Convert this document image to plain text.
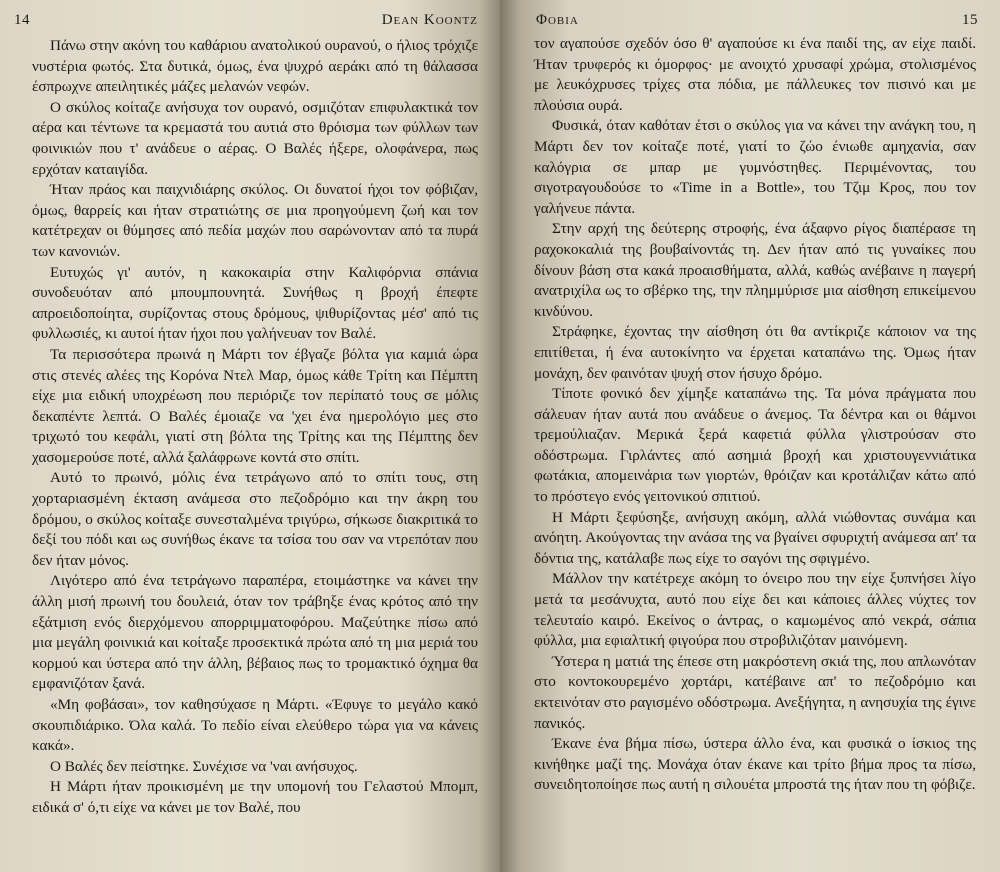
14	Dean Koontz

Πάνω στην ακόνη του καθάριου ανατολικού ουρανού, ο ήλιος τρόχιζε νυστέρια φωτός. Στα δυτικά, όμως, ένα ψυχρό αεράκι από τη θάλασσα έσπρωχνε απειλητικές μάζες μελανών νεφών.

Ο σκύλος κοίταζε ανήσυχα τον ουρανό, οσμιζόταν επιφυλακτικά τον αέρα και τέντωνε τα κρεμαστά του αυτιά στο θρόισμα των φύλλων των φοινικιών που τ' ανάδευε ο αέρας. Ο Βαλές ήξερε, ολοφάνερα, πως ερχόταν καταιγίδα.

Ήταν πράος και παιχνιδιάρης σκύλος. Οι δυνατοί ήχοι τον φόβιζαν, όμως, θαρρείς και ήταν στρατιώτης σε μια προηγούμενη ζωή και τον κατέτρεχαν οι θύμησες από πεδία μαχών που σαρώνονταν από τα πυρά των κανονιών.

Ευτυχώς γι' αυτόν, η κακοκαιρία στην Καλιφόρνια σπάνια συνοδευόταν από μπουμπουνητά. Συνήθως η βροχή έπεφτε απροειδοποίητα, συρίζοντας στους δρόμους, ψιθυρίζοντας μέσ' από τις φυλλωσιές, κι αυτοί ήταν ήχοι που γαλήνευαν τον Βαλέ.

Τα περισσότερα πρωινά η Μάρτι τον έβγαζε βόλτα για καμιά ώρα στις στενές αλέες της Κορόνα Ντελ Μαρ, όμως κάθε Τρίτη και Πέμπτη είχε μια ειδική υποχρέωση που περιόριζε τον περίπατό τους σε μόλις δεκαπέντε λεπτά. Ο Βαλές έμοιαζε να 'χει ένα ημερολόγιο μες στο τριχωτό του κεφάλι, γιατί στη βόλτα της Τρίτης και της Πέμπτης δεν χασομερούσε ποτέ, αλλά ξαλάφρωνε κοντά στο σπίτι.

Αυτό το πρωινό, μόλις ένα τετράγωνο από το σπίτι τους, στη χορταριασμένη έκταση ανάμεσα στο πεζοδρόμιο και την άκρη του δρόμου, ο σκύλος κοίταξε συνεσταλμένα τριγύρω, σήκωσε διακριτικά το δεξί του πόδι και ως συνήθως έκανε τα τσίσα του σαν να ντρεπόταν που δεν ήταν μόνος.

Λιγότερο από ένα τετράγωνο παραπέρα, ετοιμάστηκε να κάνει την άλλη μισή πρωινή του δουλειά, όταν τον τράβηξε ένας κρότος από την εξάτμιση ενός διερχόμενου απορριμματοφόρου. Μαζεύτηκε πίσω από μια μεγάλη φοινικιά και κοίταξε προσεκτικά πρώτα από τη μια μεριά του κορμού και ύστερα από την άλλη, βέβαιος πως το τρομακτικό όχημα θα εμφανιζόταν ξανά.

«Μη φοβάσαι», τον καθησύχασε η Μάρτι. «Έφυγε το μεγάλο κακό σκουπιδιάρικο. Όλα καλά. Το πεδίο είναι ελεύθερο τώρα για να κάνεις κακά».

Ο Βαλές δεν πείστηκε. Συνέχισε να 'ναι ανήσυχος.

Η Μάρτι ήταν προικισμένη με την υπομονή του Γελαστού Μπομπ, ειδικά σ' ό,τι είχε να κάνει με τον Βαλέ, που

Φοβια	15

τον αγαπούσε σχεδόν όσο θ' αγαπούσε κι ένα παιδί της, αν είχε παιδί. Ήταν τρυφερός κι όμορφος· με ανοιχτό χρυσαφί χρώμα, στολισμένος με λευκόχρυσες τρίχες στα πόδια, με πάλλευκες τον πισινό και με πλούσια ουρά.

Φυσικά, όταν καθόταν έτσι ο σκύλος για να κάνει την ανάγκη του, η Μάρτι δεν τον κοίταζε ποτέ, γιατί το ζώο ένιωθε αμηχανία, σαν καλόγρια σε μπαρ με γυμνόστηθες. Περιμένοντας, του σιγοτραγουδούσε το «Time in a Bottle», του Τζιμ Κρος, που τον γαλήνευε πάντα.

Στην αρχή της δεύτερης στροφής, ένα άξαφνο ρίγος διαπέρασε τη ραχοκοκαλιά της βουβαίνοντάς τη. Δεν ήταν από τις γυναίκες που δίνουν βάση στα κακά προαισθήματα, αλλά, καθώς ανέβαινε η παγερή ανατριχίλα ως το σβέρκο της, την πλημμύρισε μια αίσθηση επικείμενου κινδύνου.

Στράφηκε, έχοντας την αίσθηση ότι θα αντίκριζε κάποιον να της επιτίθεται, ή ένα αυτοκίνητο να έρχεται καταπάνω της. Όμως ήταν μονάχη, δεν φαινόταν ψυχή στον ήσυχο δρόμο.

Τίποτε φονικό δεν χίμηξε καταπάνω της. Τα μόνα πράγματα που σάλευαν ήταν αυτά που ανάδευε ο άνεμος. Τα δέντρα και οι θάμνοι τρεμούλιαζαν. Μερικά ξερά καφετιά φύλλα γλιστρούσαν στο οδόστρωμα. Γιρλάντες από ασημιά βροχή και χριστουγεννιάτικα φωτάκια, απομεινάρια των γιορτών, θρόιζαν και κροτάλιζαν κάτω από το πρόστεγο ενός γειτονικού σπιτιού.

Η Μάρτι ξεφύσηξε, ανήσυχη ακόμη, αλλά νιώθοντας συνάμα και ανόητη. Ακούγοντας την ανάσα της να βγαίνει σφυριχτή ανάμεσα απ' τα δόντια της, κατάλαβε πως είχε το σαγόνι της σφιγμένο.

Μάλλον την κατέτρεχε ακόμη το όνειρο που την είχε ξυπνήσει λίγο μετά τα μεσάνυχτα, αυτό που είχε δει και κάποιες άλλες νύχτες τον τελευταίο καιρό. Εκείνος ο άντρας, ο καμωμένος από νεκρά, σάπια φύλλα, μια εφιαλτική φιγούρα που στροβιλιζόταν μαινόμενη.

Ύστερα η ματιά της έπεσε στη μακρόστενη σκιά της, που απλωνόταν στο κοντοκουρεμένο χορτάρι, κατέβαινε απ' το πεζοδρόμιο και εκτεινόταν στο ραγισμένο οδόστρωμα. Ανεξήγητα, η ανησυχία της έγινε πανικός.

Έκανε ένα βήμα πίσω, ύστερα άλλο ένα, και φυσικά ο ίσκιος της κινήθηκε μαζί της. Μονάχα όταν έκανε και τρίτο βήμα προς τα πίσω, συνειδητοποίησε πως αυτή η σιλουέτα μπροστά της ήταν που τη φόβιζε.
